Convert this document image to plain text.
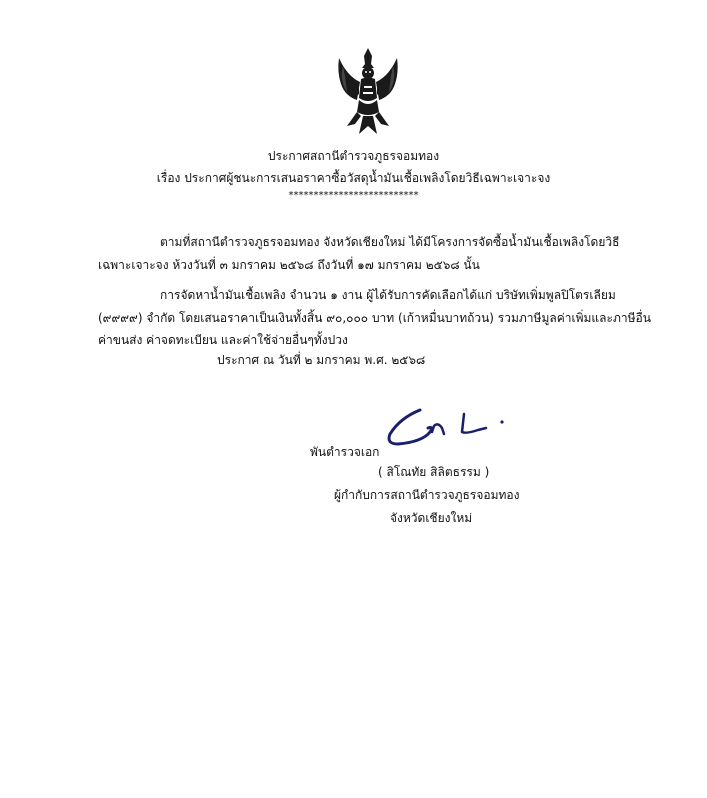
ประกาศสถานีตำรวจภูธรจอมทอง
เรื่อง ประกาศผู้ชนะการเสนอราคาซื้อวัสดุน้ำมันเชื้อเพลิงโดยวิธีเฉพาะเจาะจง
**************************
ตามที่สถานีตำรวจภูธรจอมทอง จังหวัดเชียงใหม่ ได้มีโครงการจัดซื้อน้ำมันเชื้อเพลิงโดยวิธี
เฉพาะเจาะจง ห้วงวันที่ ๓ มกราคม ๒๕๖๘ ถึงวันที่ ๑๗ มกราคม ๒๕๖๘ นั้น
การจัดหาน้ำมันเชื้อเพลิง จำนวน ๑ งาน ผู้ได้รับการคัดเลือกได้แก่ บริษัทเพิ่มพูลปิโตรเลียม
(๙๙๙๙) จำกัด โดยเสนอราคาเป็นเงินทั้งสิ้น ๙๐,๐๐๐ บาท (เก้าหมื่นบาทถ้วน) รวมภาษีมูลค่าเพิ่มและภาษีอื่น
ค่าขนส่ง ค่าจดทะเบียน และค่าใช้จ่ายอื่นๆทั้งปวง
ประกาศ ณ วันที่ ๒ มกราคม พ.ศ. ๒๕๖๘
พันตำรวจเอก
( สิโณทัย สิลิตธรรม )
ผู้กำกับการสถานีตำรวจภูธรจอมทอง
จังหวัดเชียงใหม่
